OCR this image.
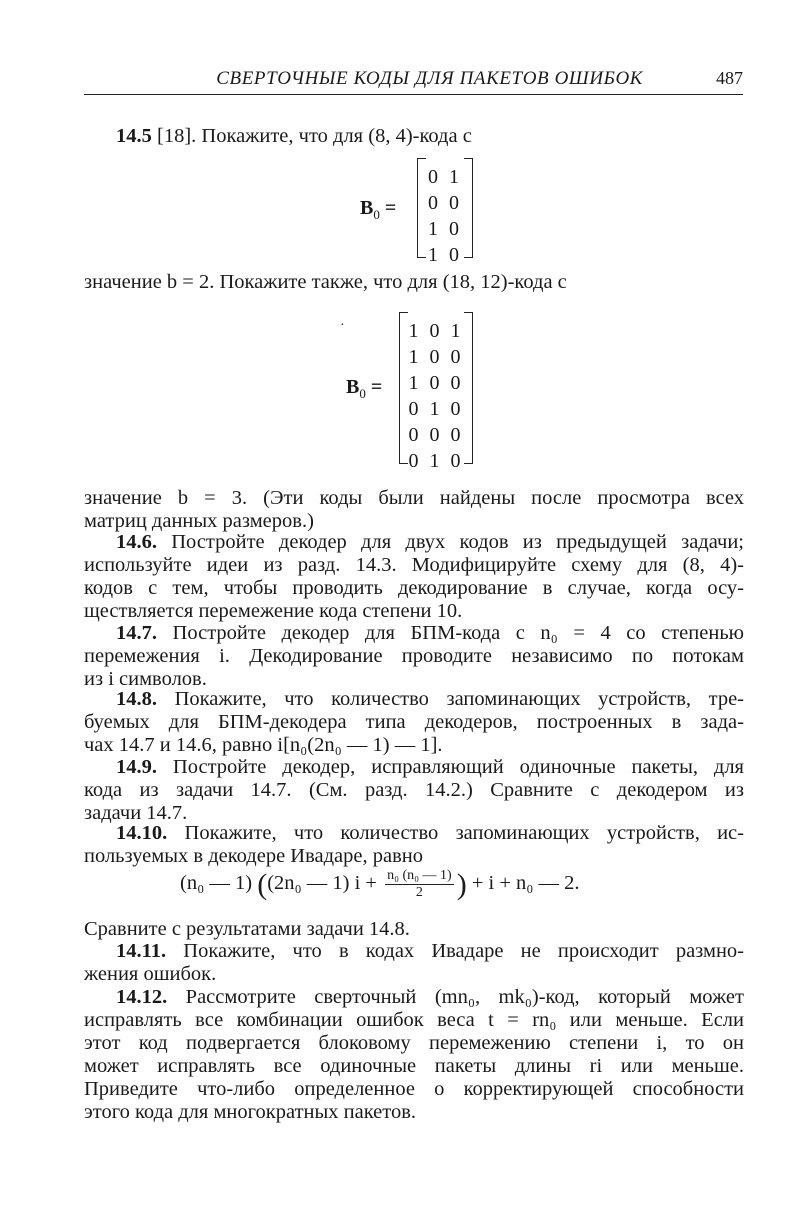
СВЕРТОЧНЫЕ КОДЫ ДЛЯ ПАКЕТОВ ОШИБОК	487
14.5 [18]. Покажите, что для (8, 4)-кода с
$B_0$ =
0 1
0 0
1 0
1 0
значение b = 2. Покажите также, что для (18, 12)-кода с
·
$B_0$ =
1 0 1
1 0 0
1 0 0
0 1 0
0 0 0
0 1 0
значение b = 3. (Эти коды были найдены после просмотра всех
матриц данных размеров.)
14.6. Постройте декодер для двух кодов из предыдущей задачи;
используйте идеи из разд. 14.3. Модифицируйте схему для (8, 4)-
кодов с тем, чтобы проводить декодирование в случае, когда осу-
ществляется перемежение кода степени 10.
14.7. Постройте декодер для БПМ-кода с n₀ = 4 со степенью
перемежения i. Декодирование проводите независимо по потокам
из i символов.
14.8. Покажите, что количество запоминающих устройств, тре-
буемых для БПМ-декодера типа декодеров, построенных в зада-
чах 14.7 и 14.6, равно i[n₀(2n₀ — 1) — 1].
14.9. Постройте декодер, исправляющий одиночные пакеты, для
кода из задачи 14.7. (См. разд. 14.2.) Сравните с декодером из
задачи 14.7.
14.10. Покажите, что количество запоминающих устройств, ис-
пользуемых в декодере Ивадаре, равно
(n₀ — 1) ((2n₀ — 1) $i + \frac{\text{n₀ (n₀ — 1)}}{2}$ ) + i + n₀ — 2.
Сравните с результатами задачи 14.8.
14.11. Покажите, что в кодах Ивадаре не происходит размно-
жения ошибок.
14.12. Рассмотрите сверточный (mn₀, mk₀)-код, который может
исправлять все комбинации ошибок веса t = rn₀ или меньше. Если
этот код подвергается блоковому перемежению степени i, то он
может исправлять все одиночные пакеты длины ri или меньше.
Приведите что-либо определенное о корректирующей способности
этого кода для многократных пакетов.
